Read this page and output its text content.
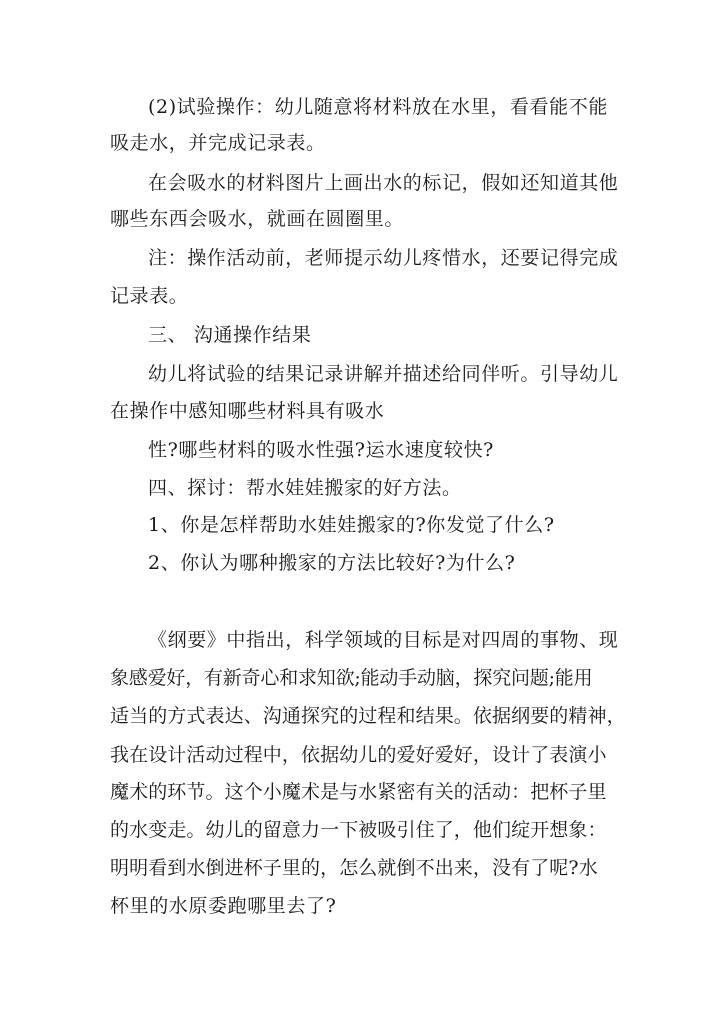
(2)试验操作：幼儿随意将材料放在水里，看看能不能
吸走水，并完成记录表。
在会吸水的材料图片上画出水的标记，假如还知道其他
哪些东西会吸水，就画在圆圈里。
注：操作活动前，老师提示幼儿疼惜水，还要记得完成
记录表。
三、 沟通操作结果
幼儿将试验的结果记录讲解并描述给同伴听。引导幼儿
在操作中感知哪些材料具有吸水
性?哪些材料的吸水性强?运水速度较快?
四、探讨：帮水娃娃搬家的好方法。
1、你是怎样帮助水娃娃搬家的?你发觉了什么?
2、你认为哪种搬家的方法比较好?为什么?
《纲要》中指出，科学领域的目标是对四周的事物、现
象感爱好，有新奇心和求知欲;能动手动脑，探究问题;能用
适当的方式表达、沟通探究的过程和结果。依据纲要的精神，
我在设计活动过程中，依据幼儿的爱好爱好，设计了表演小
魔术的环节。这个小魔术是与水紧密有关的活动：把杯子里
的水变走。幼儿的留意力一下被吸引住了，他们绽开想象：
明明看到水倒进杯子里的，怎么就倒不出来，没有了呢?水
杯里的水原委跑哪里去了?
